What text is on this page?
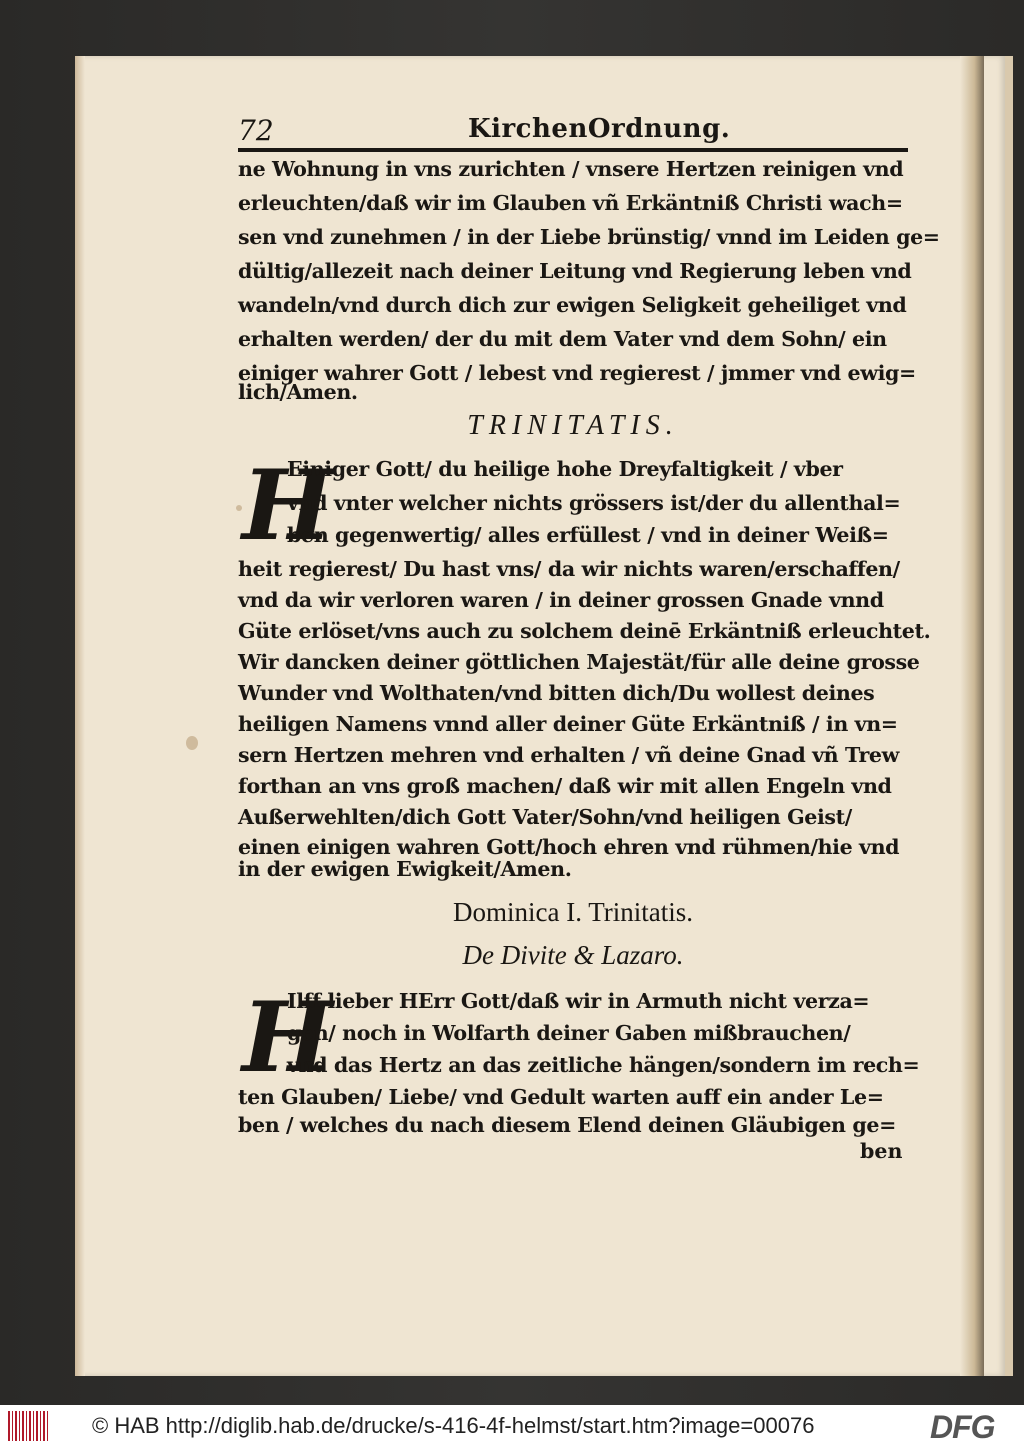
72	KirchenOrdnung.
ne Wohnung in vns zurichten / vnsere Hertzen reinigen vnd
erleuchten/daß wir im Glauben vñ Erkäntniß Christi wach=
sen vnd zunehmen / in der Liebe brünstig/ vnnd im Leiden ge=
dültig/allezeit nach deiner Leitung vnd Regierung leben vnd
wandeln/vnd durch dich zur ewigen Seligkeit geheiliget vnd
erhalten werden/ der du mit dem Vater vnd dem Sohn/ ein
einiger wahrer Gott / lebest vnd regierest / jmmer vnd ewig=
lich/Amen.
TRINITATIS.
H
Einiger Gott/ du heilige hohe Dreyfaltigkeit / vber
vnd vnter welcher nichts grössers ist/der du allenthal=
ben gegenwertig/ alles erfüllest / vnd in deiner Weiß=
heit regierest/ Du hast vns/ da wir nichts waren/erschaffen/
vnd da wir verloren waren / in deiner grossen Gnade vnnd
Güte erlöset/vns auch zu solchem deinē Erkäntniß erleuchtet.
Wir dancken deiner göttlichen Majestät/für alle deine grosse
Wunder vnd Wolthaten/vnd bitten dich/Du wollest deines
heiligen Namens vnnd aller deiner Güte Erkäntniß / in vn=
sern Hertzen mehren vnd erhalten / vñ deine Gnad vñ Trew
forthan an vns groß machen/ daß wir mit allen Engeln vnd
Außerwehlten/dich Gott Vater/Sohn/vnd heiligen Geist/
einen einigen wahren Gott/hoch ehren vnd rühmen/hie vnd
in der ewigen Ewigkeit/Amen.
Dominica I. Trinitatis.
De Divite & Lazaro.
H
Ilff lieber HErr Gott/daß wir in Armuth nicht verza=
gen/ noch in Wolfarth deiner Gaben mißbrauchen/
vnd das Hertz an das zeitliche hängen/sondern im rech=
ten Glauben/ Liebe/ vnd Gedult warten auff ein ander Le=
ben / welches du nach diesem Elend deinen Gläubigen ge=
ben
© HAB http://diglib.hab.de/drucke/s-416-4f-helmst/start.htm?image=00076	DFG
